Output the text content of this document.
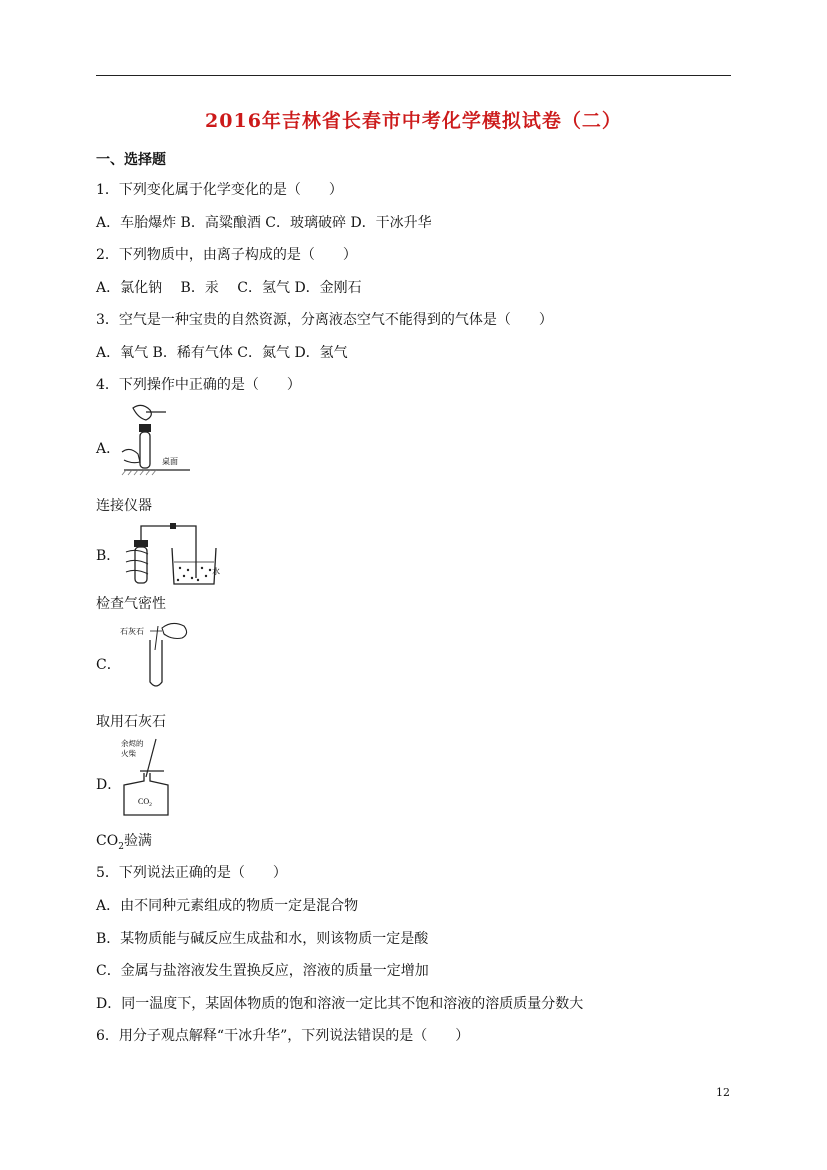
2016年吉林省长春市中考化学模拟试卷（二）
一、选择题
1．下列变化属于化学变化的是（　　）
A．车胎爆炸 B．高粱酿酒 C．玻璃破碎 D．干冰升华
2．下列物质中，由离子构成的是（　　）
A．氯化钠　 B．汞　 C．氢气 D．金刚石
3．空气是一种宝贵的自然资源，分离液态空气不能得到的气体是（　　）
A．氧气 B．稀有气体 C．氮气 D．氢气
4．下列操作中正确的是（　　）
A．
桌面
连接仪器
B．
水
检查气密性
C．
石灰石
取用石灰石
D．
余烬的
火柴
$CO_2$
$CO_2$验满
5．下列说法正确的是（　　）
A．由不同种元素组成的物质一定是混合物
B．某物质能与碱反应生成盐和水，则该物质一定是酸
C．金属与盐溶液发生置换反应，溶液的质量一定增加
D．同一温度下，某固体物质的饱和溶液一定比其不饱和溶液的溶质质量分数大
6．用分子观点解释“干冰升华”，下列说法错误的是（　　）
12
